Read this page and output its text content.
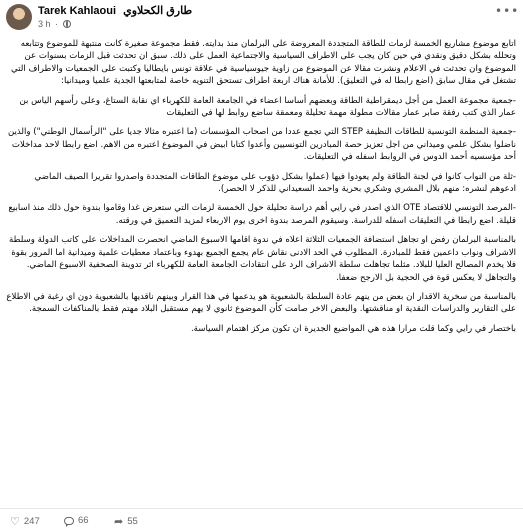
Tarek Kahlaoui طارق الكحلاوي
3 h ·
•••

اتابع موضوع مشاريع الخمسة لزمات للطاقة المتجددة المعروضة على البرلمان منذ بدايته. فقط مجموعة صغيرة كانت منتبهة للموضوع وتتابعه وتحلله بشكل دقيق ونقدي في حين كان يجب على الاطراف السياسية والاجتماعية العمل على ذلك. سبق ان تحدثت قبل الزمات بسنوات عن الموضوع وان تحدثت في الاعلام ونشرت مقالا عن الموضوع من زاوية جيوسياسية في علاقة تونس بايطاليا وكتبت على الجمعيات والاطراف التي تشتغل في مقال سابق (اضع رابطا له في التعليق). للأمانة هناك اربعة اطراف تستحق التنويه خاصة لمتابعتها الجدية علميا وميدانيا:

-جمعية مجموعة العمل من أجل ديمقراطية الطاقة وبعضهم أساسا اعضاء في الجامعة العامة للكهرباء اي نقابة الستاغ، وعلى رأسهم الياس بن عمار الذي كتب رفقة صابر عمار مقالات مطولة مهمة تحليلة ومعمقة ساضع روابط لها في التعليقات

-جمعية المنظمة التونسية للطاقات النظيفة STEP التي تجمع عددا من اصحاب المؤسسات (ما اعتبره مثالا جديا على "الرأسمال الوطني") والذين ناضلوا بشكل علمي وميداني من اجل تعزيز حصة المبادرين التونسيين وأعدوا كتابا ابيض في الموضوع اعتبره من الاهم. اضع رابطا لاحد مداخلات أحد مؤسسيه أحمد الدوس في الروابط اسفله في التعليقات.

-ثلة من النواب كانوا في لجنة الطاقة ولم يعودوا فيها (عملوا بشكل دؤوب على موضوع الطاقات المتجددة واصدروا تقريرا الصيف الماضي ادعوهم لنشره: منهم بلال المشري وشكري بحرية واحمد السعيداني للذكر لا الحصر).

-المرصد التونسي للاقتصاد OTE الذي اصدر في رايي أهم دراسة تحليلة حول الخمسة لزمات التي ستعرض غدا وقاموا بندوة حول ذلك منذ اسابيع قليلة. اضع رابطا في التعليقات اسفله للدراسة. وسيقوم المرصد بندوة اخرى يوم الاربعاء لمزيد التعميق في ورقته.

بالمناسبة البرلمان رفض او تجاهل استضافة الجمعيات الثلاثة اعلاه في ندوة اقامها الاسبوع الماضي انحصرت المداخلات على كاتب الدولة وسلطة الاشراف ونواب داعمين فقط للمبادرة. المطلوب في الحد الادنى نقاش عام يجمع الجميع بهدوء وباعتماد معطيات علمية وميدانية اما المرور بقوة فلا يخدم المصالح العليا للبلاد. مثلما تجاهلت سلطة الاشراف الرد على انتقادات الجامعة العامة للكهرباء اثر تدوينة الصحفية الاسبوع الماضي. والتجاهل لا يعكس قوة في الحجية بل الارجح ضعفا.

بالمناسبة من سخرية الاقدار ان بعض من ينهم عادة السلطة بالشعبوية هو يدعمها في هذا القرار وبينهم ناقديها بالشعبوية دون اي رغبة في الاطلاع على التقارير والدراسات النقدية او مناقشتها. والبعض الاخر صامت كأن الموضوع ثانوي لا يهم مستقبل البلاد مهتم فقط بالمناكفات السمجة.

باختصار في رايي وكما قلت مرارا هذه هي المواضيع الجديرة ان تكون مركز اهتمام السياسة.

♡ 247	66 ➦ 55
